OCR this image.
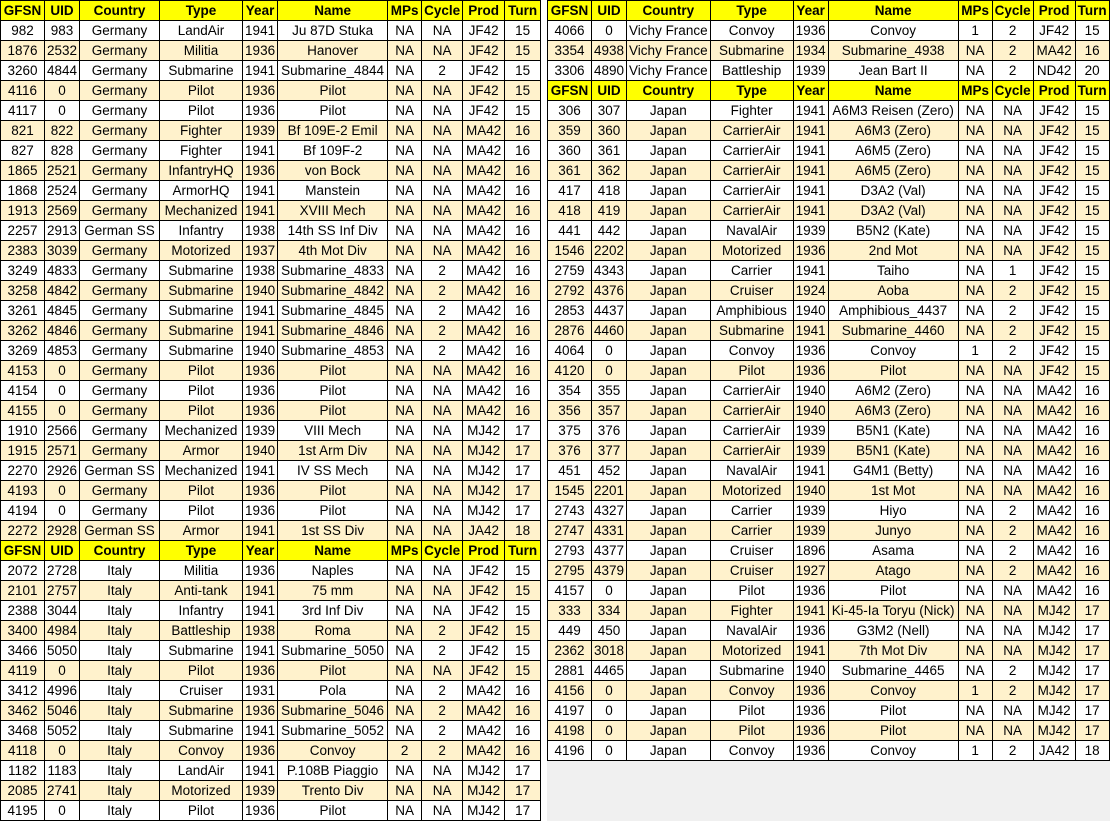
GFSN	UID	Country	Type	Year	Name	MPs	Cycle	Prod	Turn
982	983	Germany	LandAir	1941	Ju 87D Stuka	NA	NA	JF42	15
1876	2532	Germany	Militia	1936	Hanover	NA	NA	JF42	15
3260	4844	Germany	Submarine	1941	Submarine_4844	NA	2	JF42	15
4116	0	Germany	Pilot	1936	Pilot	NA	NA	JF42	15
4117	0	Germany	Pilot	1936	Pilot	NA	NA	JF42	15
821	822	Germany	Fighter	1939	Bf 109E-2 Emil	NA	NA	MA42	16
827	828	Germany	Fighter	1941	Bf 109F-2	NA	NA	MA42	16
1865	2521	Germany	InfantryHQ	1936	von Bock	NA	NA	MA42	16
1868	2524	Germany	ArmorHQ	1941	Manstein	NA	NA	MA42	16
1913	2569	Germany	Mechanized	1941	XVIII Mech	NA	NA	MA42	16
2257	2913	German SS	Infantry	1938	14th SS Inf Div	NA	NA	MA42	16
2383	3039	Germany	Motorized	1937	4th Mot Div	NA	NA	MA42	16
3249	4833	Germany	Submarine	1938	Submarine_4833	NA	2	MA42	16
3258	4842	Germany	Submarine	1940	Submarine_4842	NA	2	MA42	16
3261	4845	Germany	Submarine	1941	Submarine_4845	NA	2	MA42	16
3262	4846	Germany	Submarine	1941	Submarine_4846	NA	2	MA42	16
3269	4853	Germany	Submarine	1940	Submarine_4853	NA	2	MA42	16
4153	0	Germany	Pilot	1936	Pilot	NA	NA	MA42	16
4154	0	Germany	Pilot	1936	Pilot	NA	NA	MA42	16
4155	0	Germany	Pilot	1936	Pilot	NA	NA	MA42	16
1910	2566	Germany	Mechanized	1939	VIII Mech	NA	NA	MJ42	17
1915	2571	Germany	Armor	1940	1st Arm Div	NA	NA	MJ42	17
2270	2926	German SS	Mechanized	1941	IV SS Mech	NA	NA	MJ42	17
4193	0	Germany	Pilot	1936	Pilot	NA	NA	MJ42	17
4194	0	Germany	Pilot	1936	Pilot	NA	NA	MJ42	17
2272	2928	German SS	Armor	1941	1st SS Div	NA	NA	JA42	18
GFSN	UID	Country	Type	Year	Name	MPs	Cycle	Prod	Turn
2072	2728	Italy	Militia	1936	Naples	NA	NA	JF42	15
2101	2757	Italy	Anti-tank	1941	75 mm	NA	NA	JF42	15
2388	3044	Italy	Infantry	1941	3rd Inf Div	NA	NA	JF42	15
3400	4984	Italy	Battleship	1938	Roma	NA	2	JF42	15
3466	5050	Italy	Submarine	1941	Submarine_5050	NA	2	JF42	15
4119	0	Italy	Pilot	1936	Pilot	NA	NA	JF42	15
3412	4996	Italy	Cruiser	1931	Pola	NA	2	MA42	16
3462	5046	Italy	Submarine	1936	Submarine_5046	NA	2	MA42	16
3468	5052	Italy	Submarine	1941	Submarine_5052	NA	2	MA42	16
4118	0	Italy	Convoy	1936	Convoy	2	2	MA42	16
1182	1183	Italy	LandAir	1941	P.108B Piaggio	NA	NA	MJ42	17
2085	2741	Italy	Motorized	1939	Trento Div	NA	NA	MJ42	17
4195	0	Italy	Pilot	1936	Pilot	NA	NA	MJ42	17
GFSN	UID	Country	Type	Year	Name	MPs	Cycle	Prod	Turn
4066	0	Vichy France	Convoy	1936	Convoy	1	2	JF42	15
3354	4938	Vichy France	Submarine	1934	Submarine_4938	NA	2	MA42	16
3306	4890	Vichy France	Battleship	1939	Jean Bart II	NA	2	ND42	20
GFSN	UID	Country	Type	Year	Name	MPs	Cycle	Prod	Turn
306	307	Japan	Fighter	1941	A6M3 Reisen (Zero)	NA	NA	JF42	15
359	360	Japan	CarrierAir	1941	A6M3 (Zero)	NA	NA	JF42	15
360	361	Japan	CarrierAir	1941	A6M5 (Zero)	NA	NA	JF42	15
361	362	Japan	CarrierAir	1941	A6M5 (Zero)	NA	NA	JF42	15
417	418	Japan	CarrierAir	1941	D3A2 (Val)	NA	NA	JF42	15
418	419	Japan	CarrierAir	1941	D3A2 (Val)	NA	NA	JF42	15
441	442	Japan	NavalAir	1939	B5N2 (Kate)	NA	NA	JF42	15
1546	2202	Japan	Motorized	1936	2nd Mot	NA	NA	JF42	15
2759	4343	Japan	Carrier	1941	Taiho	NA	1	JF42	15
2792	4376	Japan	Cruiser	1924	Aoba	NA	2	JF42	15
2853	4437	Japan	Amphibious	1940	Amphibious_4437	NA	2	JF42	15
2876	4460	Japan	Submarine	1941	Submarine_4460	NA	2	JF42	15
4064	0	Japan	Convoy	1936	Convoy	1	2	JF42	15
4120	0	Japan	Pilot	1936	Pilot	NA	NA	JF42	15
354	355	Japan	CarrierAir	1940	A6M2 (Zero)	NA	NA	MA42	16
356	357	Japan	CarrierAir	1940	A6M3 (Zero)	NA	NA	MA42	16
375	376	Japan	CarrierAir	1939	B5N1 (Kate)	NA	NA	MA42	16
376	377	Japan	CarrierAir	1939	B5N1 (Kate)	NA	NA	MA42	16
451	452	Japan	NavalAir	1941	G4M1 (Betty)	NA	NA	MA42	16
1545	2201	Japan	Motorized	1940	1st Mot	NA	NA	MA42	16
2743	4327	Japan	Carrier	1939	Hiyo	NA	2	MA42	16
2747	4331	Japan	Carrier	1939	Junyo	NA	2	MA42	16
2793	4377	Japan	Cruiser	1896	Asama	NA	2	MA42	16
2795	4379	Japan	Cruiser	1927	Atago	NA	2	MA42	16
4157	0	Japan	Pilot	1936	Pilot	NA	NA	MA42	16
333	334	Japan	Fighter	1941	Ki-45-Ia Toryu (Nick)	NA	NA	MJ42	17
449	450	Japan	NavalAir	1936	G3M2 (Nell)	NA	NA	MJ42	17
2362	3018	Japan	Motorized	1941	7th Mot Div	NA	NA	MJ42	17
2881	4465	Japan	Submarine	1940	Submarine_4465	NA	2	MJ42	17
4156	0	Japan	Convoy	1936	Convoy	1	2	MJ42	17
4197	0	Japan	Pilot	1936	Pilot	NA	NA	MJ42	17
4198	0	Japan	Pilot	1936	Pilot	NA	NA	MJ42	17
4196	0	Japan	Convoy	1936	Convoy	1	2	JA42	18
